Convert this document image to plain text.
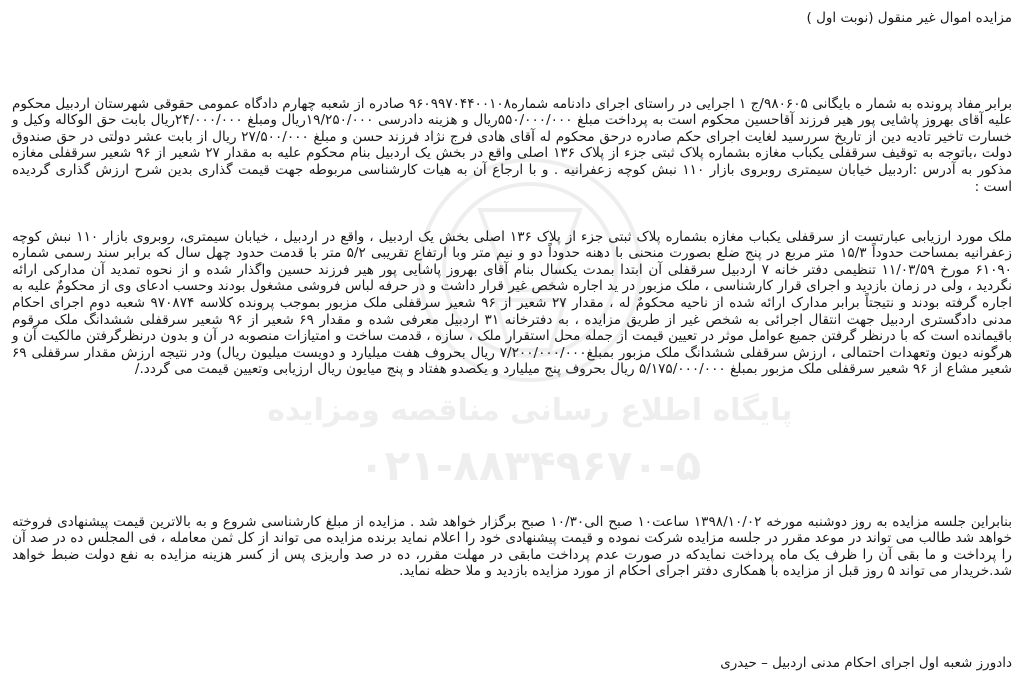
پایگاه اطلاع رسانی مناقصه ومزایده
۰۲۱-۸۸۳۴۹۶۷۰-۵
مزایده اموال غیر منقول (نوبت اول )

برابر مفاد پرونده به شمار ه بایگانی ۹۸۰۶۰۵/ج ۱ اجرایی در راستای اجرای دادنامه شماره۹۶۰۹۹۷۰۴۴۰۰۱۰۸ صادره از شعبه چهارم دادگاه عمومی حقوقی شهرستان اردبیل محکوم علیه آقای بهروز پاشایی پور هیر فرزند آقاحسین محکوم است به پرداخت مبلغ ۵۵۰/۰۰۰/۰۰۰ریال و هزینه دادرسی ۱۹/۲۵۰/۰۰۰ریال ومبلغ ۲۴/۰۰۰/۰۰۰ریال بابت حق الوکاله وکیل و خسارت تاخیر تادیه دین از تاریخ سررسید لغایت اجرای حکم صادره درحق محکوم له آقای هادی فرج نژاد فرزند حسن و مبلغ ۲۷/۵۰۰/۰۰۰ ریال از بابت عشر دولتی در حق صندوق دولت ،باتوجه به توقیف سرقفلی یکباب مغازه بشماره پلاک ثبتی جزء از پلاک ۱۳۶ اصلی واقع در بخش یک اردبیل بنام محکوم علیه به مقدار ۲۷ شعیر از ۹۶ شعیر سرقفلی مغازه مذکور به آدرس :اردبیل خیابان سیمتری روبروی بازار ۱۱۰ نبش کوچه زعفرانیه . و با ارجاع آن به هیات کارشناسی مربوطه جهت قیمت گذاری بدین شرح ارزش گذاری گردیده است :

ملک مورد ارزیابی عبارتست از سرقفلی یکباب مغازه بشماره پلاک ثبتی جزء از پلاک ۱۳۶ اصلی بخش یک اردبیل ، واقع در اردبیل ، خیابان سیمتری، روبروی بازار ۱۱۰ نبش کوچه زعفرانیه بمساحت حدوداً ۱۵/۳ متر مربع در پنج ضلع بصورت منحنی با دهنه حدوداً دو و نیم متر وبا ارتفاع تقریبی ۵/۲ متر با قدمت حدود چهل سال که برابر سند رسمی شماره ۶۱۰۹۰ مورخ ۱۱/۰۳/۵۹ تنظیمی دفتر خانه ۷ اردبیل سرقفلی آن ابتدا بمدت یکسال بنام آقای بهروز پاشایی پور هیر فرزند حسین واگذار شده و از نحوه تمدید آن مدارکی ارائه نگردید ، ولی در زمان بازدید و اجرای قرار کارشناسی ، ملک مزبور در ید اجاره شخص غیر قرار داشت و در حرفه لباس فروشی مشغول بودند وحسب ادعای وی از محکومٌ علیه به اجاره گرفته بودند و نتیجتاً برابر مدارک ارائه شده از ناحیه محکومٌ له ، مقدار ۲۷ شعیر از ۹۶ شعیر سرقفلی ملک مزبور بموجب پرونده کلاسه ۹۷۰۸۷۴ شعبه دوم اجرای احکام مدنی دادگستری اردبیل جهت انتقال اجرائی به شخص غیر از طریق مزایده ، به دفترخانه ۳۱ اردبیل معرفی شده و مقدار ۶۹ شعیر از ۹۶ شعیر سرقفلی ششدانگ ملک مرقوم باقیمانده است که با درنظر گرفتن جمیع عوامل موثر در تعیین قیمت از جمله محل استقرار ملک ، سازه ، قدمت ساخت و امتیازات منصوبه در آن و بدون درنظرگرفتن مالکیت آن و هرگونه دیون وتعهدات احتمالی ، ارزش سرقفلی ششدانگ ملک مزبور بمبلغ۷/۲۰۰/۰۰۰/۰۰۰ ریال بحروف هفت میلیارد و دویست میلیون ریال) ودر نتیجه ارزش مقدار سرقفلی ۶۹ شعیر مشاع از ۹۶ شعیر سرقفلی ملک مزبور بمبلغ ۵/۱۷۵/۰۰۰/۰۰۰ ریال بحروف پنج میلیارد و یکصدو هفتاد و پنج میایون ریال ارزیابی وتعیین قیمت می گردد./

بنابراین جلسه مزایده به روز دوشنبه مورخه ۱۳۹۸/۱۰/۰۲ ساعت۱۰ صبح الی۱۰/۳۰ صبح برگزار خواهد شد . مزایده از مبلغ کارشناسی شروع و به بالاترین قیمت پیشنهادی فروخته خواهد شد طالب می تواند در موعد مقرر در جلسه مزایده شرکت نموده و قیمت پیشنهادی خود را اعلام نماید برنده مزایده می تواند از کل ثمن معامله ، فی المجلس ده در صد آن را پرداخت و ما بقی آن را ظرف یک ماه پرداخت نمایدکه در صورت عدم پرداخت مابقی در مهلت مقرر، ده در صد واریزی پس از کسر هزینه مزایده به نفع دولت ضبط خواهد شد.خریدار می تواند ۵ روز قبل از مزایده با همکاری دفتر اجرای احکام از مورد مزایده بازدید و ملا حظه نماید.

دادورز شعبه اول اجرای احکام مدنی اردبیل – حیدری
